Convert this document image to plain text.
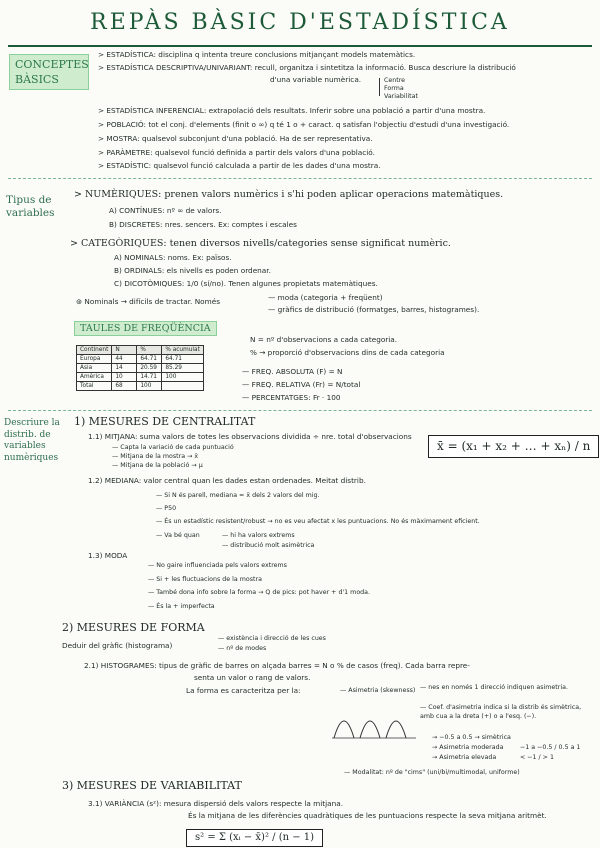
REPÀS BÀSIC D'ESTADÍSTICA
CONCEPTES BÀSICS
> ESTADÍSTICA: disciplina q intenta treure conclusions mitjançant models matemàtics.
> ESTADÍSTICA DESCRIPTIVA/UNIVARIANT: recull, organitza i sintetitza la informació. Busca descriure la distribució
d'una variable numèrica.	Centre
Forma
Variabilitat
> ESTADÍSTICA INFERENCIAL: extrapolació dels resultats. Inferir sobre una població a partir d'una mostra.
> POBLACIÓ: tot el conj. d'elements (finit o ∞) q té 1 o + caract. q satisfan l'objectiu d'estudi d'una investigació.
> MOSTRA: qualsevol subconjunt d'una població. Ha de ser representativa.
> PARÀMETRE: qualsevol funció definida a partir dels valors d'una població.
> ESTADÍSTIC: qualsevol funció calculada a partir de les dades d'una mostra.
Tipus de variables
> NUMÈRIQUES: prenen valors numèrics i s'hi poden aplicar operacions matemàtiques.
A) CONTÍNUES: nº ∞ de valors.
B) DISCRETES: nres. sencers. Ex: comptes i escales
> CATEGÒRIQUES: tenen diversos nivells/categories sense significat numèric.
A) NOMINALS: noms. Ex: països.
B) ORDINALS: els nivells es poden ordenar.
C) DICOTÒMIQUES: 1/0 (sí/no). Tenen algunes propietats matemàtiques.
⊛ Nominals → difícils de tractar. Només	— moda (categoria + freqüent)
— gràfics de distribució (formatges, barres, histogrames).
TAULES DE FREQÜÈNCIA
Continent	N	%	% acumulat
Europa	44	64.71	64.71
Àsia	14	20.59	85.29
Amèrica	10	14.71	100
Total	68	100	
N = nº d'observacions a cada categoria.
% → proporció d'observacions dins de cada categoria
— FREQ. ABSOLUTA (F) = N
— FREQ. RELATIVA (Fr) = N/total
— PERCENTATGES: Fr · 100
Descriure la distrib. de variables numèriques
1) MESURES DE CENTRALITAT
1.1) MITJANA: suma valors de totes les observacions dividida ÷ nre. total d'observacions
— Capta la variació de cada puntuació
— Mitjana de la mostra → x̄
— Mitjana de la població → μ
x̄ = (x₁ + x₂ + … + xₙ) / n
1.2) MEDIANA: valor central quan les dades estan ordenades. Meitat distrib.
— Si N és parell, mediana = x̄ dels 2 valors del mig.
— P50
— És un estadístic resistent/robust → no es veu afectat x les puntuacions. No és màximament eficient.
— Va bé quan	— hi ha valors extrems
— distribució molt asimètrica
1.3) MODA
— No gaire influenciada pels valors extrems
— Si + les fluctuacions de la mostra
— També dona info sobre la forma → Q de pics: pot haver + d'1 moda.
— És la + imperfecta
2) MESURES DE FORMA
Deduir del gràfic (histograma)
— existència i direcció de les cues
— nº de modes
2.1) HISTOGRAMES: tipus de gràfic de barres on alçada barres = N o % de casos (freq). Cada barra repre-
senta un valor o rang de valors.
La forma es caracteritza per la:	— Asimetria (skewness) — nes en només 1 direcció indiquen asimetria.
— Coef. d'asimetria indica si la distrib és simètrica, amb cua a la dreta (+) o a l'esq. (−).
→ −0.5 a 0.5 → simètrica
→ Asimetria moderada	−1 a −0.5 / 0.5 a 1
→ Asimetria elevada	< −1 / > 1
— Modalitat: nº de "cims" (uni/bi/multimodal, uniforme)
3) MESURES DE VARIABILITAT
3.1) VARIÀNCIA (s²): mesura dispersió dels valors respecte la mitjana.
És la mitjana de les diferències quadràtiques de les puntuacions respecte la seva mitjana aritmèt.
s² = Σ (xᵢ − x̄)² / (n − 1)
